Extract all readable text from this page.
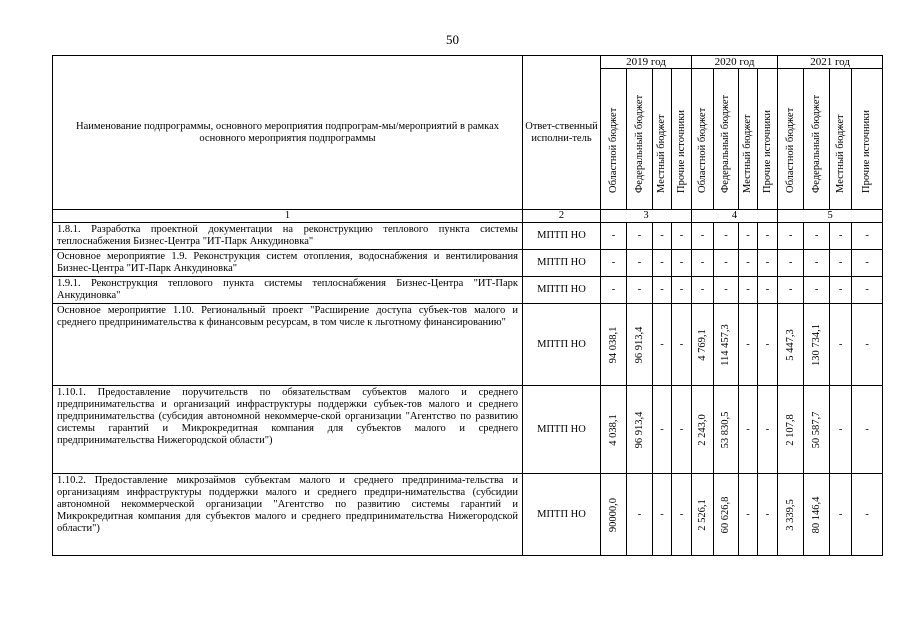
50
Наименование подпрограммы, основного мероприятия подпрограм-мы/мероприятий в рамках основного мероприятия подпрограммы	Ответ-ственный исполни-тель	2019 год				2020 год				2021 год			

		Областной бюджет	Федеральный бюджет	Местный бюджет	Прочие источники	Областной бюджет	Федеральный бюджет	Местный бюджет	Прочие источники	Областной бюджет	Федеральный бюджет	Местный бюджет	Прочие источники

1	2	3				4				5			
1.8.1. Разработка проектной документации на реконструкцию теплового пункта системы теплоснабжения Бизнес-Центра "ИТ-Парк Анкудиновка"	МПТП НО	-	-	-	-	-	-	-	-	-	-	-	-
Основное мероприятие 1.9. Реконструкция систем отопления, водоснабжения и вентилирования Бизнес-Центра "ИТ-Парк Анкудиновка"	МПТП НО	-	-	-	-	-	-	-	-	-	-	-	-
1.9.1. Реконструкция теплового пункта системы теплоснабжения Бизнес-Центра "ИТ-Парк Анкудиновка"	МПТП НО	-	-	-	-	-	-	-	-	-	-	-	-
Основное мероприятие 1.10. Региональный проект "Расширение доступа субъек-тов малого и среднего предпринимательства к финансовым ресурсам, в том числе к льготному финансированию"	МПТП НО	94 038,1	96 913,4	-	-	4 769,1	114 457,3	-	-	5 447,3	130 734,1	-	-
1.10.1. Предоставление поручительств по обязательствам субъектов малого и среднего предпринимательства и организаций инфраструктуры поддержки субъек-тов малого и среднего предпринимательства (субсидия автономной некоммерче-ской организации "Агентство по развитию системы гарантий и Микрокредитная компания для субъектов малого и среднего предпринимательства Нижегородской области")	МПТП НО	4 038,1	96 913,4	-	-	2 243,0	53 830,5	-	-	2 107,8	50 587,7	-	-
1.10.2. Предоставление микрозаймов субъектам малого и среднего предпринима-тельства и организациям инфраструктуры поддержки малого и среднего предпри-нимательства (субсидии автономной некоммерческой организации "Агентство по развитию системы гарантий и Микрокредитная компания для субъектов малого и среднего предпринимательства Нижегородской области")	МПТП НО	90000,0	-	-	-	2 526,1	60 626,8	-	-	3 339,5	80 146,4	-	-
